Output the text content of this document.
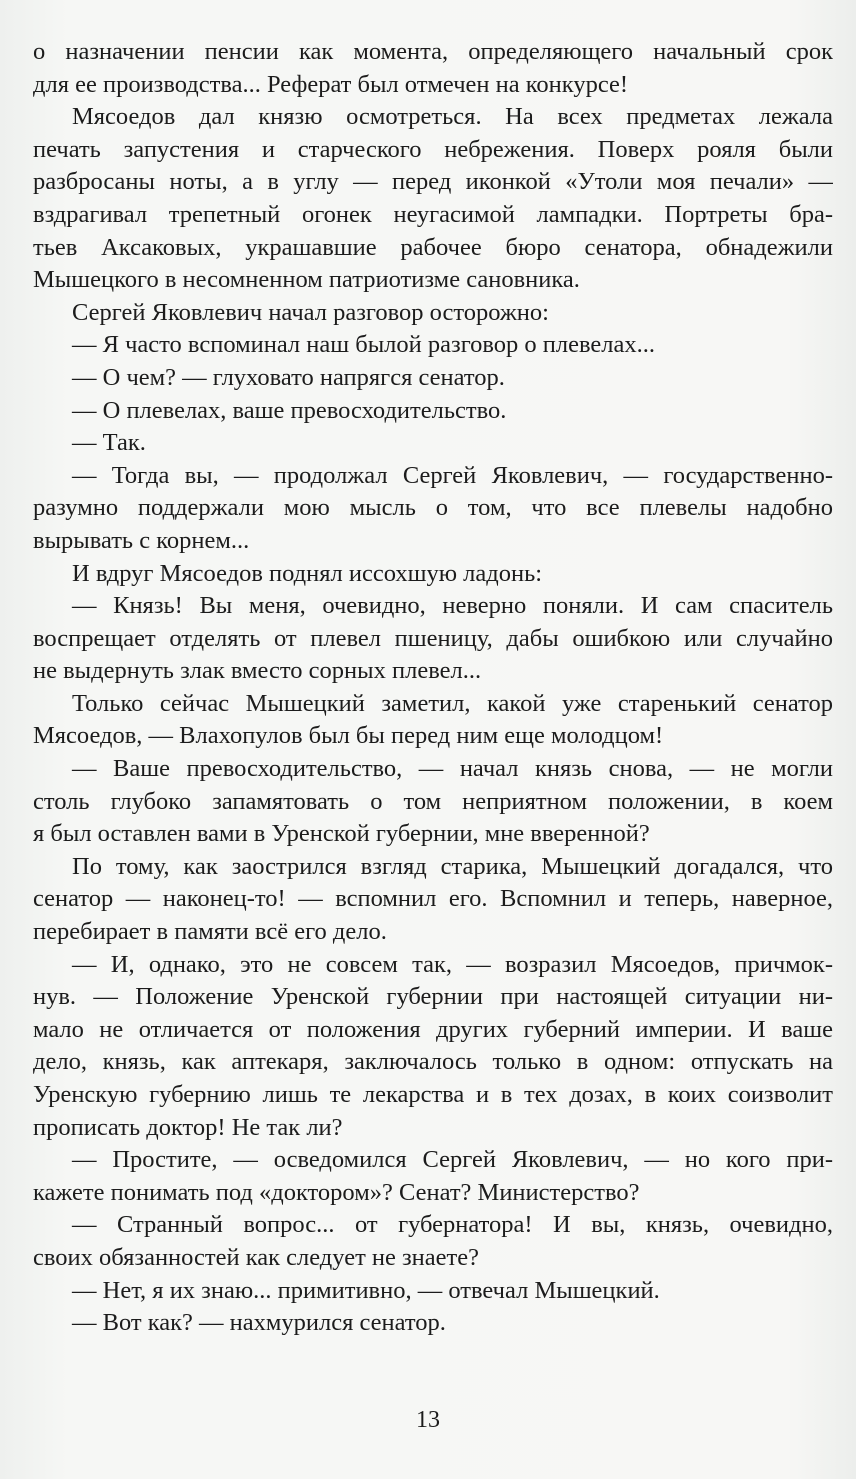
о назначении пенсии как момента, определяющего начальный срок
для ее производства... Реферат был отмечен на конкурсе!
Мясоедов дал князю осмотреться. На всех предметах лежала
печать запустения и старческого небрежения. Поверх рояля были
разбросаны ноты, а в углу — перед иконкой «Утоли моя печали» —
вздрагивал трепетный огонек неугасимой лампадки. Портреты бра-
тьев Аксаковых, украшавшие рабочее бюро сенатора, обнадежили
Мышецкого в несомненном патриотизме сановника.
Сергей Яковлевич начал разговор осторожно:
— Я часто вспоминал наш былой разговор о плевелах...
— О чем? — глуховато напрягся сенатор.
— О плевелах, ваше превосходительство.
— Так.
— Тогда вы, — продолжал Сергей Яковлевич, — государственно-
разумно поддержали мою мысль о том, что все плевелы надобно
вырывать с корнем...
И вдруг Мясоедов поднял иссохшую ладонь:
— Князь! Вы меня, очевидно, неверно поняли. И сам спаситель
воспрещает отделять от плевел пшеницу, дабы ошибкою или случайно
не выдернуть злак вместо сорных плевел...
Только сейчас Мышецкий заметил, какой уже старенький сенатор
Мясоедов, — Влахопулов был бы перед ним еще молодцом!
— Ваше превосходительство, — начал князь снова, — не могли
столь глубоко запамятовать о том неприятном положении, в коем
я был оставлен вами в Уренской губернии, мне вверенной?
По тому, как заострился взгляд старика, Мышецкий догадался, что
сенатор — наконец-то! — вспомнил его. Вспомнил и теперь, наверное,
перебирает в памяти всё его дело.
— И, однако, это не совсем так, — возразил Мясоедов, причмок-
нув. — Положение Уренской губернии при настоящей ситуации ни-
мало не отличается от положения других губерний империи. И ваше
дело, князь, как аптекаря, заключалось только в одном: отпускать на
Уренскую губернию лишь те лекарства и в тех дозах, в коих соизволит
прописать доктор! Не так ли?
— Простите, — осведомился Сергей Яковлевич, — но кого при-
кажете понимать под «доктором»? Сенат? Министерство?
— Странный вопрос... от губернатора! И вы, князь, очевидно,
своих обязанностей как следует не знаете?
— Нет, я их знаю... примитивно, — отвечал Мышецкий.
— Вот как? — нахмурился сенатор.
13
